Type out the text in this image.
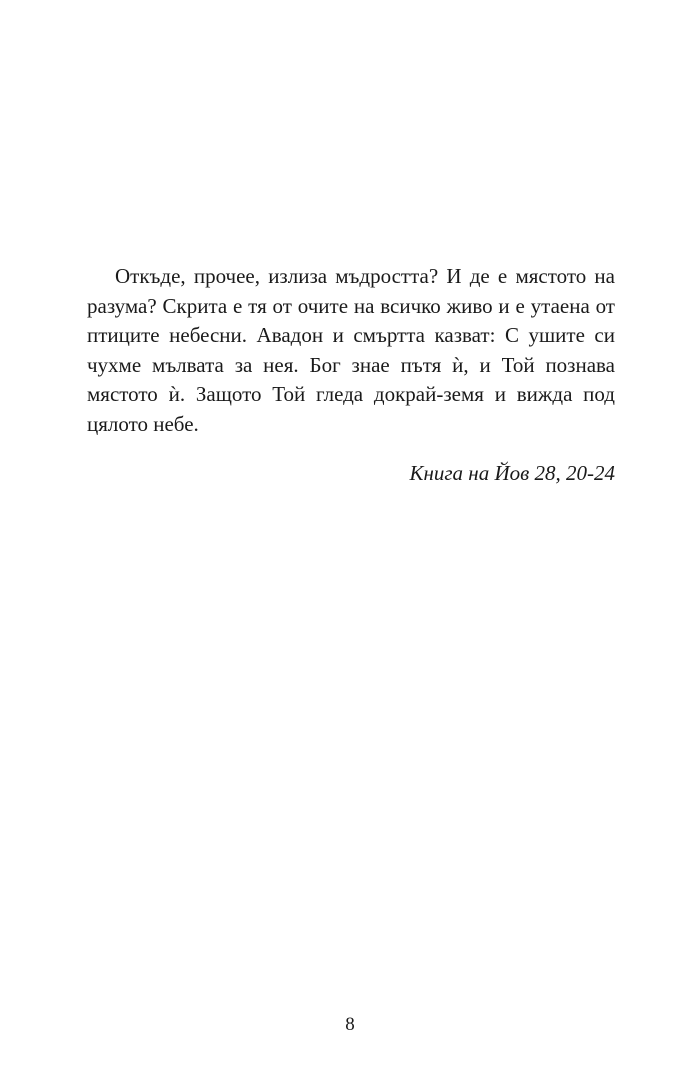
Откъде, прочее, излиза мъдростта? И де е мястото на разума? Скрита е тя от очите на всичко живо и е утаена от птиците небесни. Авадон и смъртта казват: С ушите си чухме мълвата за нея. Бог знае пътя ѝ, и Той познава мястото ѝ. Защото Той гледа докрай-земя и вижда под цялото небе.

Книга на Йов 28, 20-24

8
